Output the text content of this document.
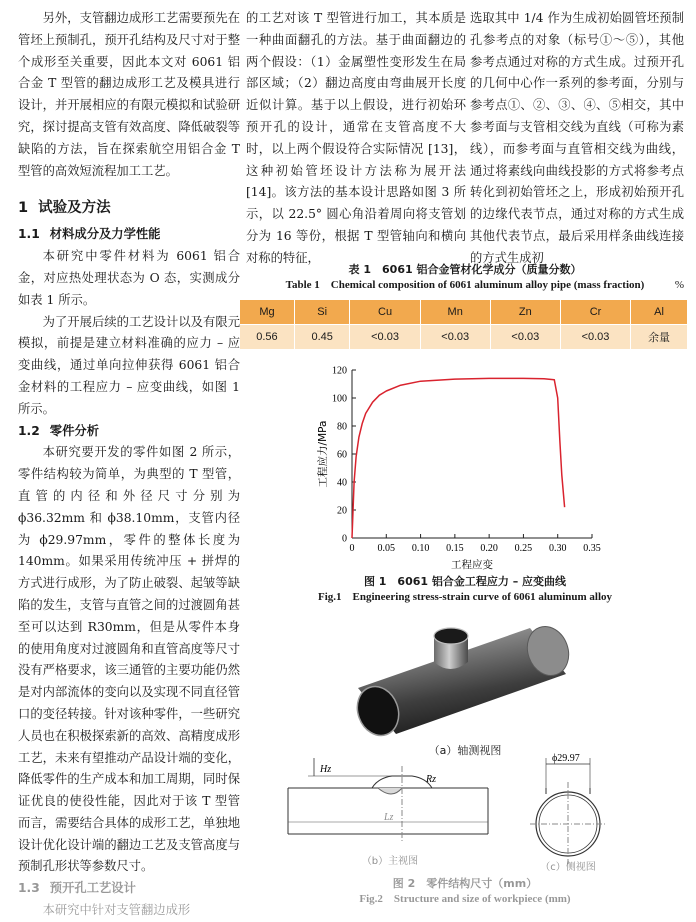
另外，支管翻边成形工艺需要预先在管坯上预制孔，预开孔结构及尺寸对于整个成形至关重要，因此本文对 6061 铝合金 T 型管的翻边成形工艺及模具进行设计，并开展相应的有限元模拟和试验研究，探讨提高支管有效高度、降低破裂等缺陷的方法，旨在探索航空用铝合金 T 型管的高效短流程加工工艺。

1 试验及方法
1.1 材料成分及力学性能

本研究中零件材料为 6061 铝合金，对应热处理状态为 O 态，实测成分如表 1 所示。

为了开展后续的工艺设计以及有限元模拟，前提是建立材料准确的应力 – 应变曲线，通过单向拉伸获得 6061 铝合金材料的工程应力 – 应变曲线，如图 1 所示。

1.2 零件分析

本研究要开发的零件如图 2 所示，零件结构较为简单，为典型的 T 型管，直管的内径和外径尺寸分别为 ϕ36.32mm 和 ϕ38.10mm，支管内径为 ϕ29.97mm，零件的整体长度为 140mm。如果采用传统冲压 + 拼焊的方式进行成形，为了防止破裂、起皱等缺陷的发生，支管与直管之间的过渡圆角甚至可以达到 R30mm，但是从零件本身的使用角度对过渡圆角和直管高度等尺寸没有严格要求，该三通管的主要功能仍然是对内部流体的变向以及实现不同直径管口的变径转接。针对该种零件，一些研究人员也在积极探索新的高效、高精度成形工艺，未来有望推动产品设计端的变化，降低零件的生产成本和加工周期，同时保证优良的使役性能，因此对于该 T 型管而言，需要结合具体的成形工艺，单独地设计优化设计端的翻边工艺及支管高度与预制孔形状等参数尺寸。

1.3 预开孔工艺设计

本研究中针对支管翻边成形

的工艺对该 T 型管进行加工，其本质是一种曲面翻孔的方法。基于曲面翻边的两个假设：（1）金属塑性变形发生在局部区域；（2）翻边高度由弯曲展开长度近似计算。基于以上假设，进行初始环预开孔的设计，通常在支管高度不大时，以上两个假设符合实际情况 [13]，这种初始管坯设计方法称为展开法 [14]。该方法的基本设计思路如图 3 所示，以 22.5° 圆心角沿着周向将支管划分为 16 等份，根据 T 型管轴向和横向对称的特征，

选取其中 1/4 作为生成初始圆管坯预制孔参考点的对象（标号①～⑤），其他参考点通过对称的方式生成。过预开孔的几何中心作一系列的参考面，分别与参考点①、②、③、④、⑤相交，其中参考面与支管相交线为直线（可称为素线），而参考面与直管相交线为曲线，通过将素线向曲线投影的方式将参考点转化到初始管坯之上，形成初始预开孔的边缘代表节点，通过对称的方式生成其他代表节点，最后采用样条曲线连接的方式生成初

表 1　6061 铝合金管材化学成分（质量分数）
Table 1　Chemical composition of 6061 aluminum alloy pipe (mass fraction)	%
Mg	Si	Cu	Mn	Zn	Cr	Al
0.56	0.45	<0.03	<0.03	<0.03	<0.03	余量
0 0.05 0.10 0.15 0.20 0.25 0.30 0.35
0
20
40
60
80
100
120
工程应变
工程应力/MPa
图 1　6061 铝合金工程应力 – 应变曲线
Fig.1　Engineering stress-strain curve of 6061 aluminum alloy
（a）轴测视图
Hz
Rz
Lz
ϕ29.97
（b）主视图
（c）侧视图
图 2　零件结构尺寸（mm）
Fig.2　Structure and size of workpiece (mm)
